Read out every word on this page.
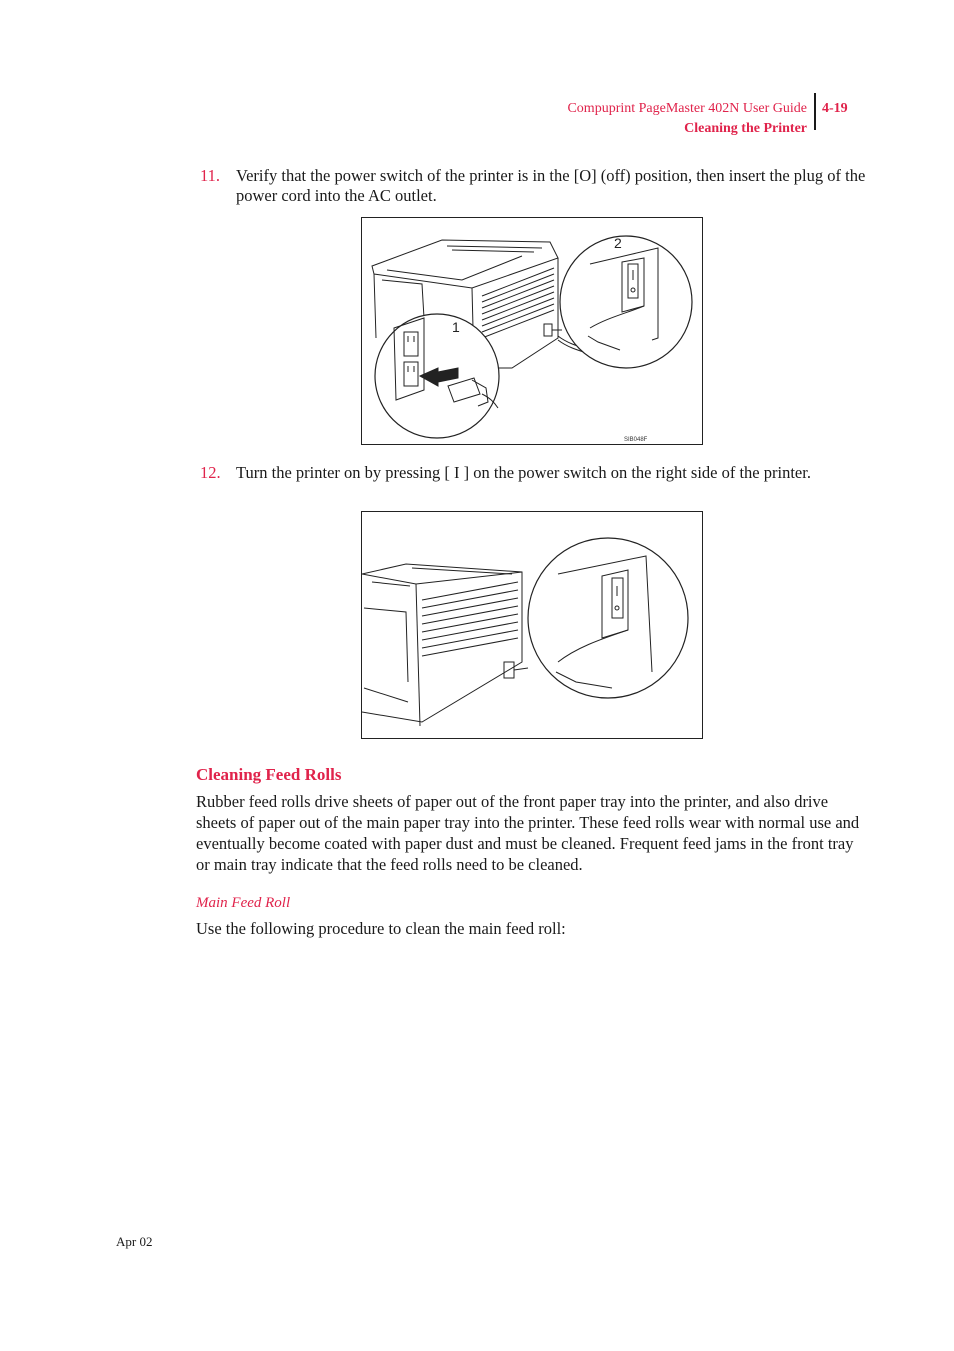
Compuprint PageMaster 402N User Guide
Cleaning the Printer
4-19
11. Verify that the power switch of the printer is in the [O] (off) position, then insert the plug of the power cord into the AC outlet.
1
2
SIB048F
12. Turn the printer on by pressing [ I ] on the power switch on the right side of the printer.
Cleaning Feed Rolls

Rubber feed rolls drive sheets of paper out of the front paper tray into the printer, and also drive sheets of paper out of the main paper tray into the printer. These feed rolls wear with normal use and eventually become coated with paper dust and must be cleaned. Frequent feed jams in the front tray or main tray indicate that the feed rolls need to be cleaned.

Main Feed Roll

Use the following procedure to clean the main feed roll:

Apr 02
